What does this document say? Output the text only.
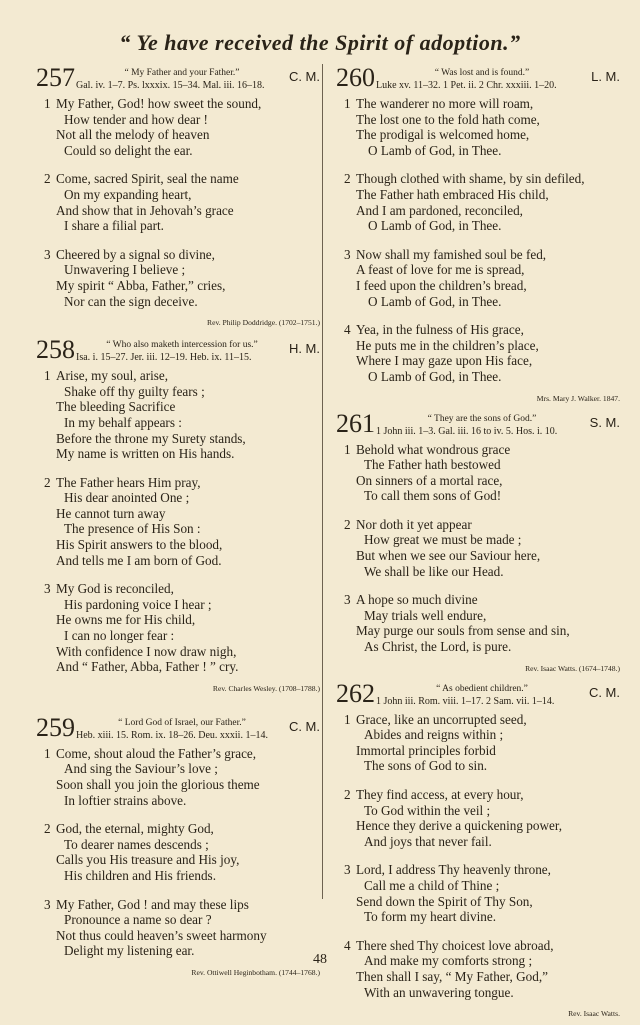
“ Ye have received the Spirit of adoption.”
257	“ My Father and your Father.”
Gal. iv. 1–7. Ps. lxxxix. 15–34. Mal. iii. 16–18.
C. M.
1 My Father, God! how sweet the sound,
How tender and how dear !
Not all the melody of heaven
Could so delight the ear.
2 Come, sacred Spirit, seal the name
On my expanding heart,
And show that in Jehovah’s grace
I share a filial part.
3 Cheered by a signal so divine,
Unwavering I believe ;
My spirit “ Abba, Father,” cries,
Nor can the sign deceive.
Rev. Philip Doddridge. (1702–1751.)
258	“ Who also maketh intercession for us.”
Isa. i. 15–27. Jer. iii. 12–19. Heb. ix. 11–15.
H. M.
1 Arise, my soul, arise,
Shake off thy guilty fears ;
The bleeding Sacrifice
In my behalf appears :
Before the throne my Surety stands,
My name is written on His hands.
2 The Father hears Him pray,
His dear anointed One ;
He cannot turn away
The presence of His Son :
His Spirit answers to the blood,
And tells me I am born of God.
3 My God is reconciled,
His pardoning voice I hear ;
He owns me for His child,
I can no longer fear :
With confidence I now draw nigh,
And “ Father, Abba, Father ! ” cry.
Rev. Charles Wesley. (1708–1788.)
259	“ Lord God of Israel, our Father.”
Heb. xiii. 15. Rom. ix. 18–26. Deu. xxxii. 1–14.
C. M.
1 Come, shout aloud the Father’s grace,
And sing the Saviour’s love ;
Soon shall you join the glorious theme
In loftier strains above.
2 God, the eternal, mighty God,
To dearer names descends ;
Calls you His treasure and His joy,
His children and His friends.
3 My Father, God ! and may these lips
Pronounce a name so dear ?
Not thus could heaven’s sweet harmony
Delight my listening ear.
Rev. Ottiwell Heginbotham. (1744–1768.)
260	“ Was lost and is found.”
Luke xv. 11–32. 1 Pet. ii. 2 Chr. xxxiii. 1–20.
L. M.
1 The wanderer no more will roam,
The lost one to the fold hath come,
The prodigal is welcomed home,
O Lamb of God, in Thee.
2 Though clothed with shame, by sin defiled,
The Father hath embraced His child,
And I am pardoned, reconciled,
O Lamb of God, in Thee.
3 Now shall my famished soul be fed,
A feast of love for me is spread,
I feed upon the children’s bread,
O Lamb of God, in Thee.
4 Yea, in the fulness of His grace,
He puts me in the children’s place,
Where I may gaze upon His face,
O Lamb of God, in Thee.
Mrs. Mary J. Walker. 1847.
261	“ They are the sons of God.”
1 John iii. 1–3. Gal. iii. 16 to iv. 5. Hos. i. 10.
S. M.
1 Behold what wondrous grace
The Father hath bestowed
On sinners of a mortal race,
To call them sons of God!
2 Nor doth it yet appear
How great we must be made ;
But when we see our Saviour here,
We shall be like our Head.
3 A hope so much divine
May trials well endure,
May purge our souls from sense and sin,
As Christ, the Lord, is pure.
Rev. Isaac Watts. (1674–1748.)
262	“ As obedient children.”
1 John iii. Rom. viii. 1–17. 2 Sam. vii. 1–14.
C. M.
1 Grace, like an uncorrupted seed,
Abides and reigns within ;
Immortal principles forbid
The sons of God to sin.
2 They find access, at every hour,
To God within the veil ;
Hence they derive a quickening power,
And joys that never fail.
3 Lord, I address Thy heavenly throne,
Call me a child of Thine ;
Send down the Spirit of Thy Son,
To form my heart divine.
4 There shed Thy choicest love abroad,
And make my comforts strong ;
Then shall I say, “ My Father, God,”
With an unwavering tongue.
Rev. Isaac Watts.
48
